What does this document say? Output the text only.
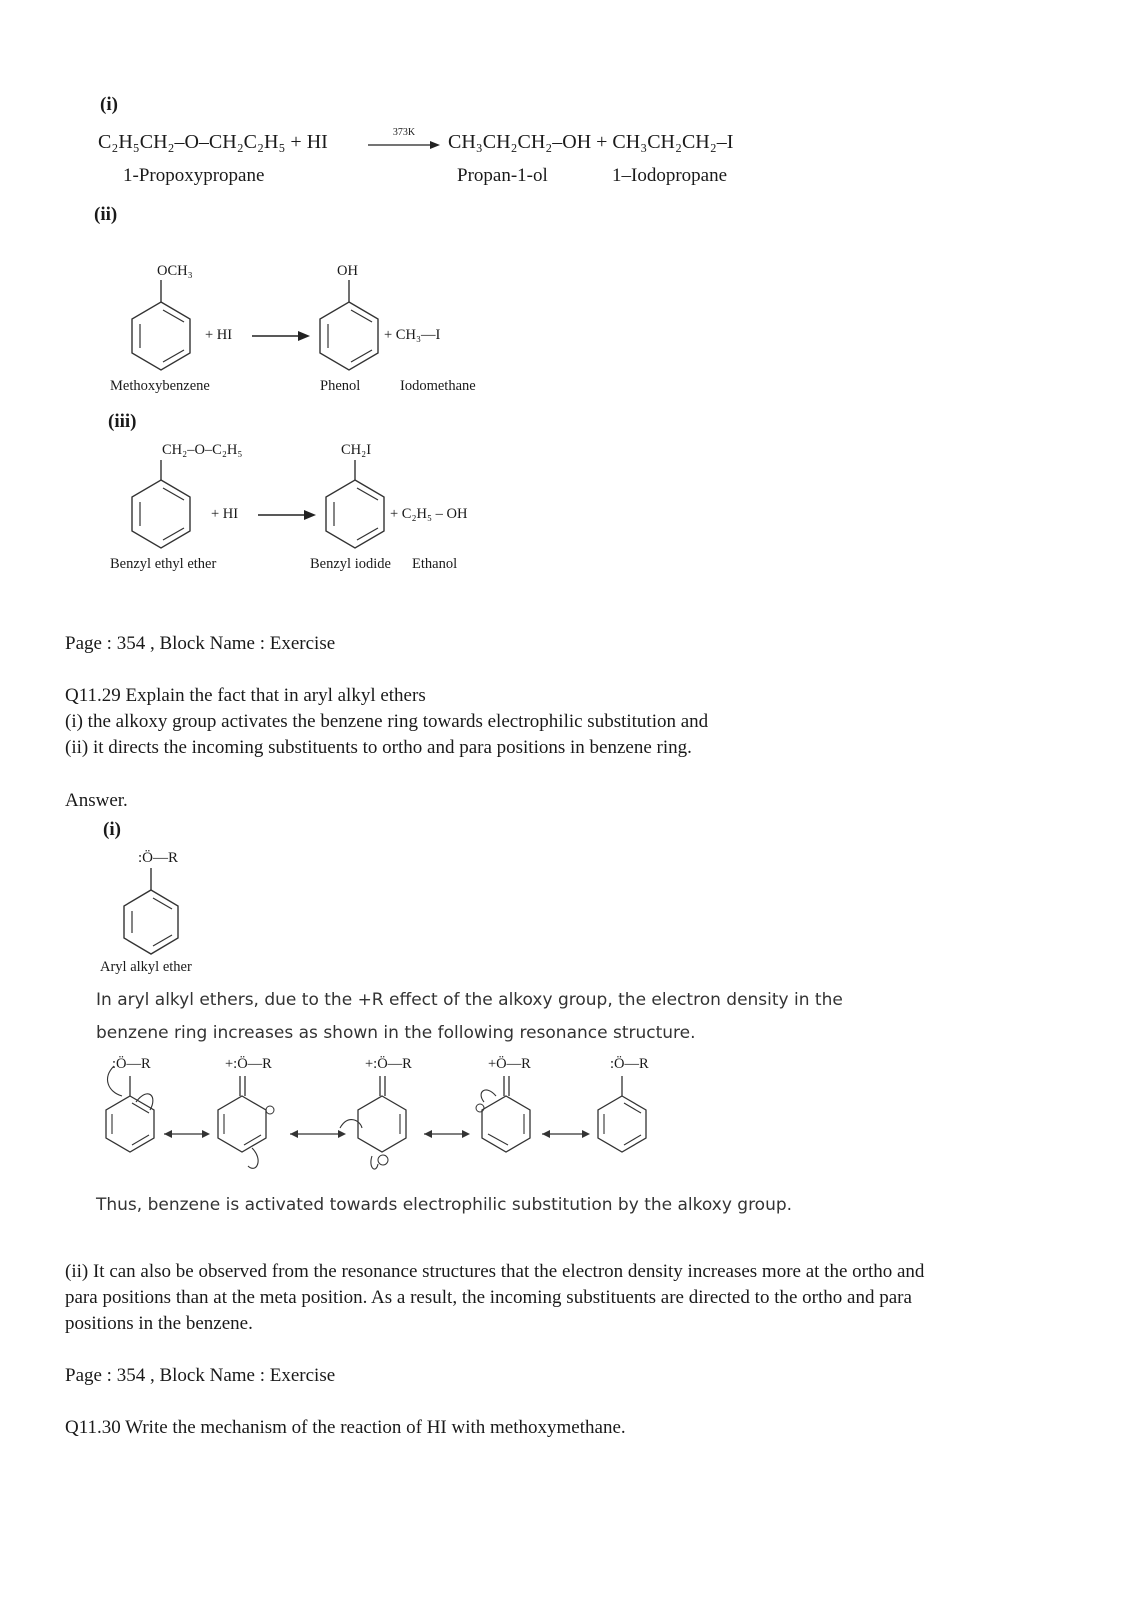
(i)
C₂H₅CH₂–O–CH₂C₂H₅ + HI	373K	CH₃CH₂CH₂–OH + CH₃CH₂CH₂–I
1-Propoxypropane	Propan-1-ol	1–Iodopropane
(ii)
OCH₃
+ HI
OH
+ CH₃—I
Methoxybenzene	Phenol	Iodomethane
(iii)
CH₂–O–C₂H₅
+ HI
CH₂I
+ C₂H₅ – OH
Benzyl ethyl ether	Benzyl iodide Ethanol
Page : 354 , Block Name : Exercise
Q11.29 Explain the fact that in aryl alkyl ethers
(i) the alkoxy group activates the benzene ring towards electrophilic substitution and
(ii) it directs the incoming substituents to ortho and para positions in benzene ring.
Answer.
(i)
:Ö—R
Aryl alkyl ether
In aryl alkyl ethers, due to the +R effect of the alkoxy group, the electron density in the
benzene ring increases as shown in the following resonance structure.
:Ö—R	+:Ö—R	+:Ö—R	+Ö—R	:Ö—R
Thus, benzene is activated towards electrophilic substitution by the alkoxy group.
(ii) It can also be observed from the resonance structures that the electron density increases more at the ortho and
para positions than at the meta position. As a result, the incoming substituents are directed to the ortho and para
positions in the benzene.
Page : 354 , Block Name : Exercise
Q11.30 Write the mechanism of the reaction of HI with methoxymethane.
